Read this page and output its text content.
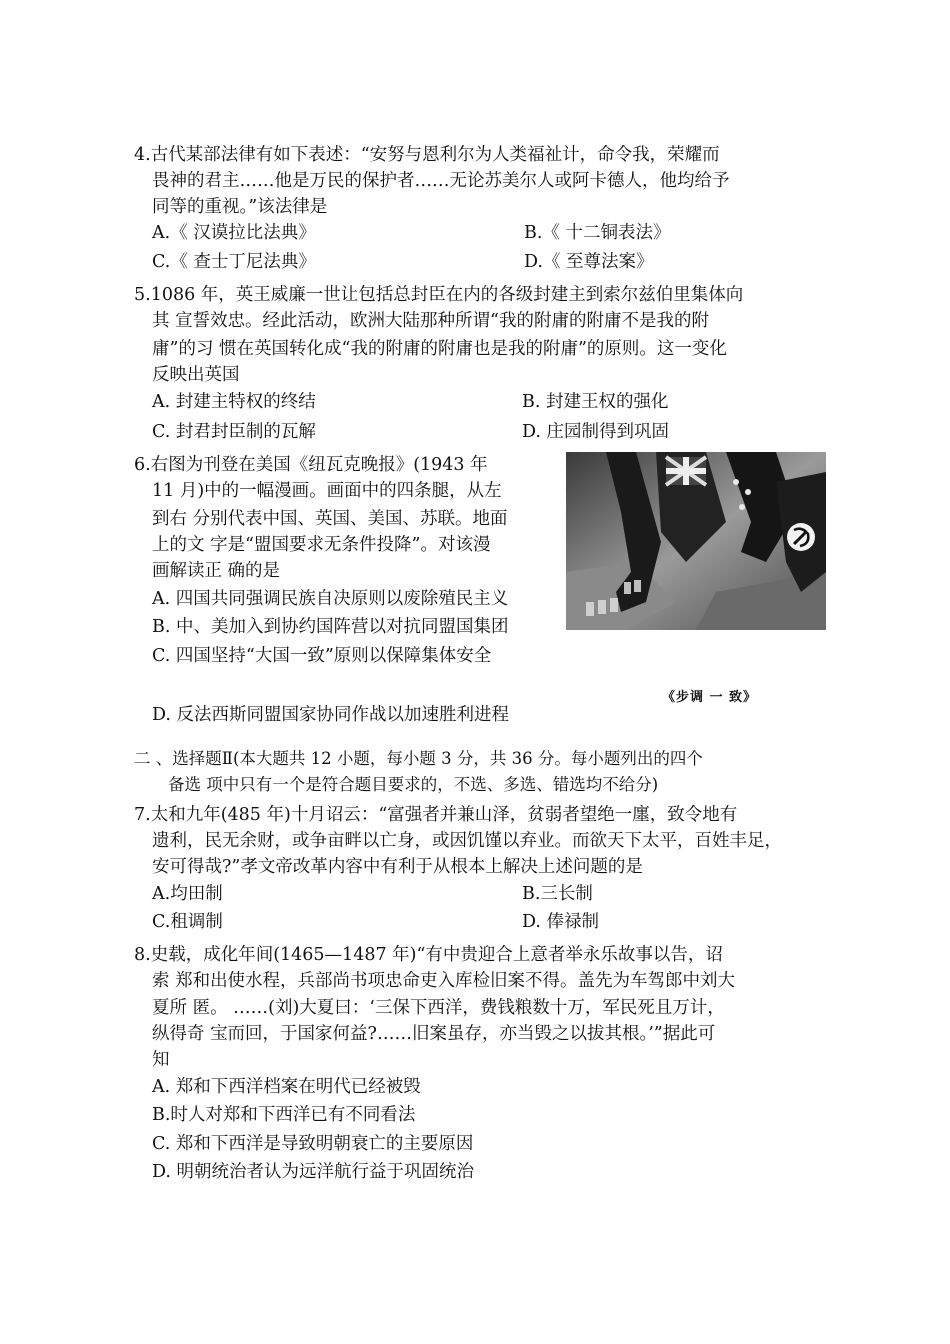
4.古代某部法律有如下表述：“安努与恩利尔为人类福祉计，命令我，荣耀而
畏神的君主……他是万民的保护者……无论苏美尔人或阿卡德人，他均给予
同等的重视。”该法律是
A.《 汉谟拉比法典》	B.《 十二铜表法》
C.《 查士丁尼法典》	D.《 至尊法案》
5.1086 年，英王威廉一世让包括总封臣在内的各级封建主到索尔兹伯里集体向
其 宣誓效忠。经此活动，欧洲大陆那种所谓“我的附庸的附庸不是我的附
庸”的习 惯在英国转化成“我的附庸的附庸也是我的附庸”的原则。这一变化
反映出英国
A. 封建主特权的终结	B. 封建王权的强化
C. 封君封臣制的瓦解	D. 庄园制得到巩固
6.右图为刊登在美国《纽瓦克晚报》(1943 年
11 月)中的一幅漫画。画面中的四条腿，从左
到右 分别代表中国、英国、美国、苏联。地面
上的文 字是“盟国要求无条件投降”。对该漫
画解读正 确的是
A. 四国共同强调民族自决原则以废除殖民主义
B. 中、美加入到协约国阵营以对抗同盟国集团
C. 四国坚持“大国一致”原则以保障集体安全
D. 反法西斯同盟国家协同作战以加速胜利进程
《步调 一 致》
二 、选择题Ⅱ(本大题共 12 小题，每小题 3 分，共 36 分。每小题列出的四个
备选 项中只有一个是符合题目要求的，不选、多选、错选均不给分)
7.太和九年(485 年)十月诏云：“富强者并兼山泽，贫弱者望绝一廛，致令地有
遗利，民无余财，或争亩畔以亡身，或因饥馑以弃业。而欲天下太平，百姓丰足，
安可得哉?”孝文帝改革内容中有利于从根本上解决上述问题的是
A.均田制	B.三长制
C.租调制	D. 俸禄制
8.史载，成化年间(1465—1487 年)“有中贵迎合上意者举永乐故事以告，诏
索 郑和出使水程，兵部尚书项忠命吏入库检旧案不得。盖先为车驾郎中刘大
夏所 匿。 ……(刘)大夏曰：‘三保下西洋，费钱粮数十万，军民死且万计，
纵得奇 宝而回，于国家何益?……旧案虽存，亦当毁之以拔其根。’”据此可
知
A. 郑和下西洋档案在明代已经被毁
B.时人对郑和下西洋已有不同看法
C. 郑和下西洋是导致明朝衰亡的主要原因
D. 明朝统治者认为远洋航行益于巩固统治
